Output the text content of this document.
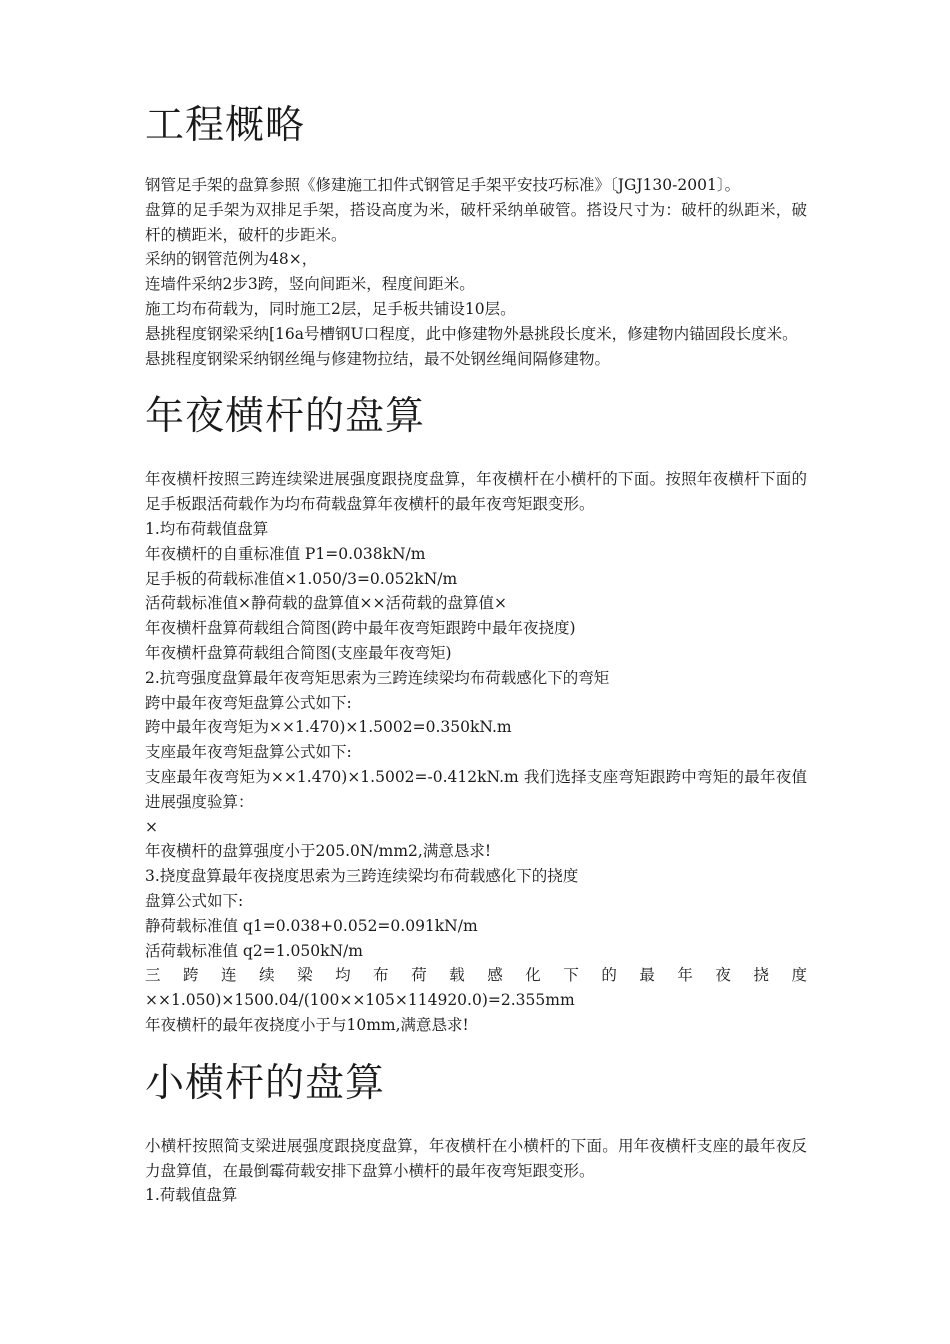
工程概略

钢管足手架的盘算参照《修建施工扣件式钢管足手架平安技巧标准》〔JGJ130-2001〕。

盘算的足手架为双排足手架，搭设高度为米，破杆采纳单破管。搭设尺寸为：破杆的纵距米，破杆的横距米，破杆的步距米。

采纳的钢管范例为48×，

连墙件采纳2步3跨，竖向间距米，程度间距米。

施工均布荷载为，同时施工2层，足手板共铺设10层。

悬挑程度钢梁采纳[16a号槽钢U口程度，此中修建物外悬挑段长度米，修建物内锚固段长度米。

悬挑程度钢梁采纳钢丝绳与修建物拉结，最不处钢丝绳间隔修建物。

年夜横杆的盘算

年夜横杆按照三跨连续梁进展强度跟挠度盘算，年夜横杆在小横杆的下面。按照年夜横杆下面的足手板跟活荷载作为均布荷载盘算年夜横杆的最年夜弯矩跟变形。

1.均布荷载值盘算

年夜横杆的自重标准值 P1=0.038kN/m

足手板的荷载标准值×1.050/3=0.052kN/m

活荷载标准值×静荷载的盘算值××活荷载的盘算值×

年夜横杆盘算荷载组合简图(跨中最年夜弯矩跟跨中最年夜挠度)

年夜横杆盘算荷载组合简图(支座最年夜弯矩)

2.抗弯强度盘算最年夜弯矩思索为三跨连续梁均布荷载感化下的弯矩

跨中最年夜弯矩盘算公式如下:

跨中最年夜弯矩为××1.470)×1.5002=0.350kN.m

支座最年夜弯矩盘算公式如下:

支座最年夜弯矩为××1.470)×1.5002=-0.412kN.m 我们选择支座弯矩跟跨中弯矩的最年夜值进展强度验算：

×

年夜横杆的盘算强度小于205.0N/mm2,满意恳求!

3.挠度盘算最年夜挠度思索为三跨连续梁均布荷载感化下的挠度

盘算公式如下:

静荷载标准值 q1=0.038+0.052=0.091kN/m

活荷载标准值 q2=1.050kN/m

三跨连续梁均布荷载感化下的最年夜挠度××1.050)×1500.04/(100××105×114920.0)=2.355mm

年夜横杆的最年夜挠度小于与10mm,满意恳求!

小横杆的盘算

小横杆按照简支梁进展强度跟挠度盘算，年夜横杆在小横杆的下面。用年夜横杆支座的最年夜反力盘算值，在最倒霉荷载安排下盘算小横杆的最年夜弯矩跟变形。

1.荷载值盘算
